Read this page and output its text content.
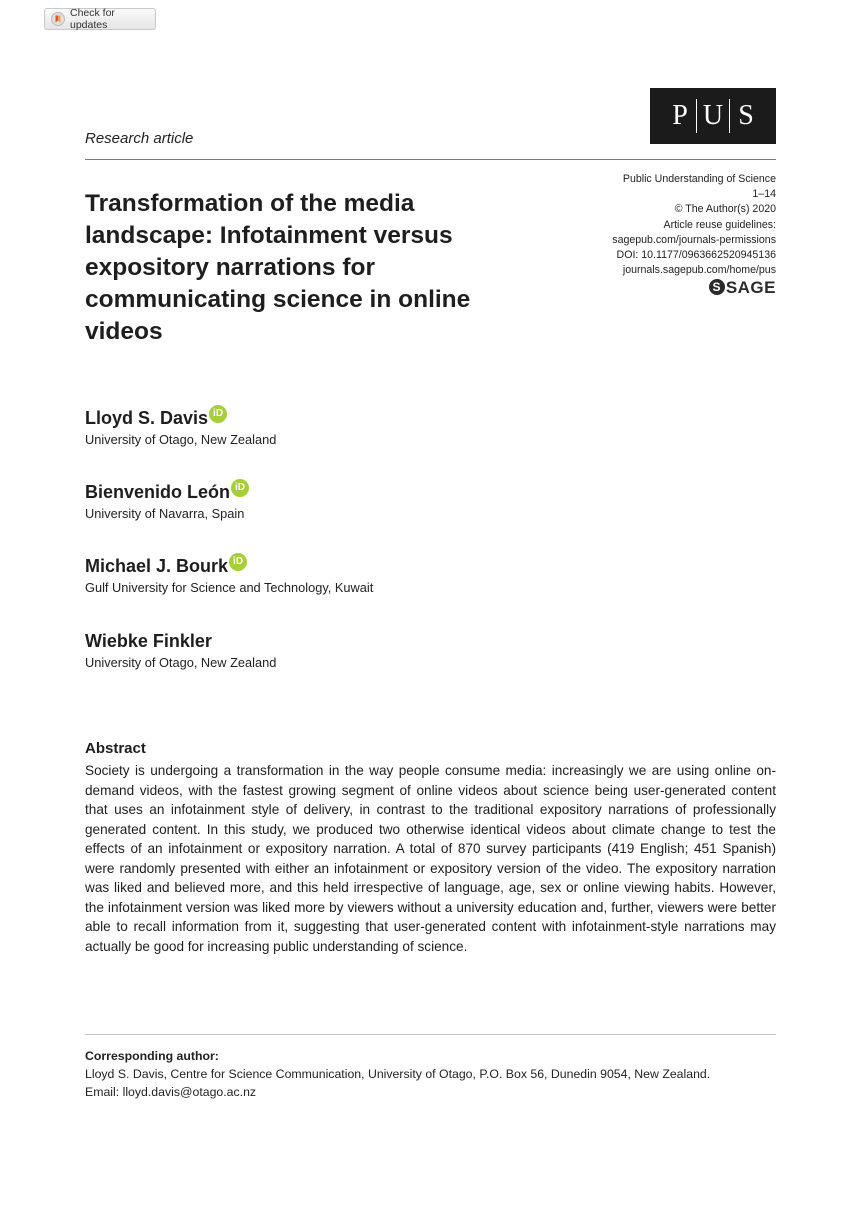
Check for updates
P U S
Research article
Public Understanding of Science
1–14
© The Author(s) 2020
Article reuse guidelines:
sagepub.com/journals-permissions
DOI: 10.1177/0963662520945136
journals.sagepub.com/home/pus
S SAGE
Transformation of the media landscape: Infotainment versus expository narrations for communicating science in online videos
Lloyd S. Davis iD
University of Otago, New Zealand
Bienvenido León iD
University of Navarra, Spain
Michael J. Bourk iD
Gulf University for Science and Technology, Kuwait
Wiebke Finkler
University of Otago, New Zealand
Abstract

Society is undergoing a transformation in the way people consume media: increasingly we are using online on-demand videos, with the fastest growing segment of online videos about science being user-generated content that uses an infotainment style of delivery, in contrast to the traditional expository narrations of professionally generated content. In this study, we produced two otherwise identical videos about climate change to test the effects of an infotainment or expository narration. A total of 870 survey participants (419 English; 451 Spanish) were randomly presented with either an infotainment or expository version of the video. The expository narration was liked and believed more, and this held irrespective of language, age, sex or online viewing habits. However, the infotainment version was liked more by viewers without a university education and, further, viewers were better able to recall information from it, suggesting that user-generated content with infotainment-style narrations may actually be good for increasing public understanding of science.

Corresponding author:
Lloyd S. Davis, Centre for Science Communication, University of Otago, P.O. Box 56, Dunedin 9054, New Zealand.
Email: lloyd.davis@otago.ac.nz
